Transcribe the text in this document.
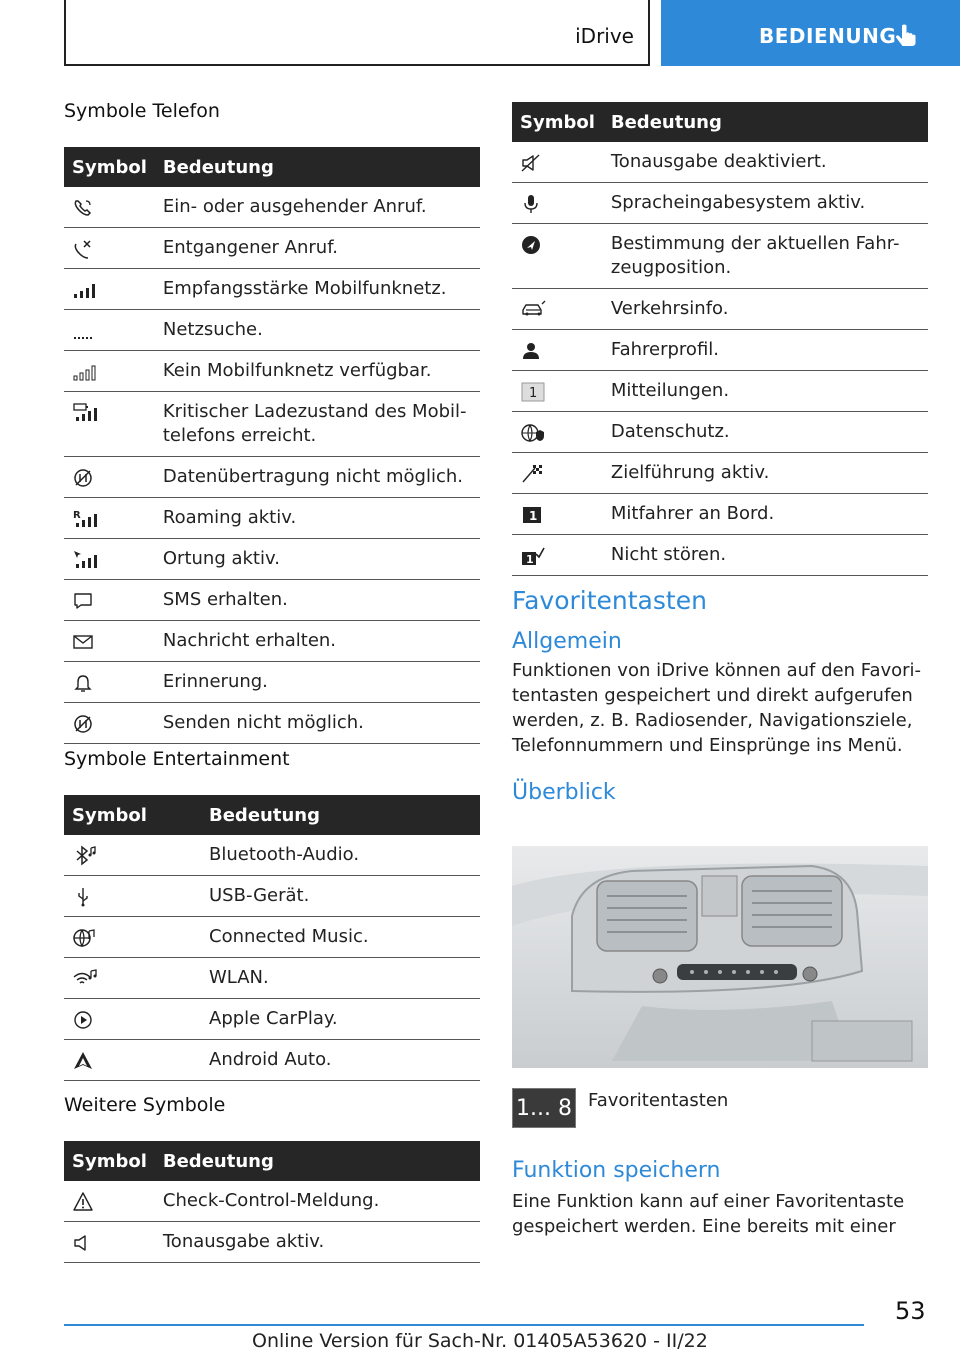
iDrive	BEDIENUNG
Symbole Telefon
Symbol	Bedeutung

	Ein- oder ausgehender Anruf.

	Entgangener Anruf.

	Empfangsstärke Mobilfunknetz.

	Netzsuche.

	Kein Mobilfunknetz verfügbar.

	Kritischer Ladezustand des Mobil-telefons erreicht.

	Datenübertragung nicht möglich.

R	Roaming aktiv.

	Ortung aktiv.

	SMS erhalten.

	Nachricht erhalten.

	Erinnerung.

	Senden nicht möglich.
Symbole Entertainment
Symbol	Bedeutung

	Bluetooth-Audio.

	USB-Gerät.

	Connected Music.

	WLAN.

	Apple CarPlay.

	Android Auto.
Weitere Symbole
Symbol	Bedeutung

	Check-Control-Meldung.

	Tonausgabe aktiv.
Symbol	Bedeutung

	Tonausgabe deaktiviert.

	Spracheingabesystem aktiv.

	Bestimmung der aktuellen Fahr-zeugposition.

	Verkehrsinfo.

	Fahrerprofil.

1	Mitteilungen.

	Datenschutz.

	Zielführung aktiv.

1	Mitfahrer an Bord.

1	Nicht stören.
Favoritentasten
Allgemein
Funktionen von iDrive können auf den Favori-tentasten gespeichert und direkt aufgerufen werden, z. B. Radiosender, Navigationsziele, Telefonnummern und Einsprünge ins Menü.
Überblick
1... 8 Favoritentasten
Funktion speichern
Eine Funktion kann auf einer Favoritentaste gespeichert werden. Eine bereits mit einer
53
Online Version für Sach-Nr. 01405A53620 - II/22
